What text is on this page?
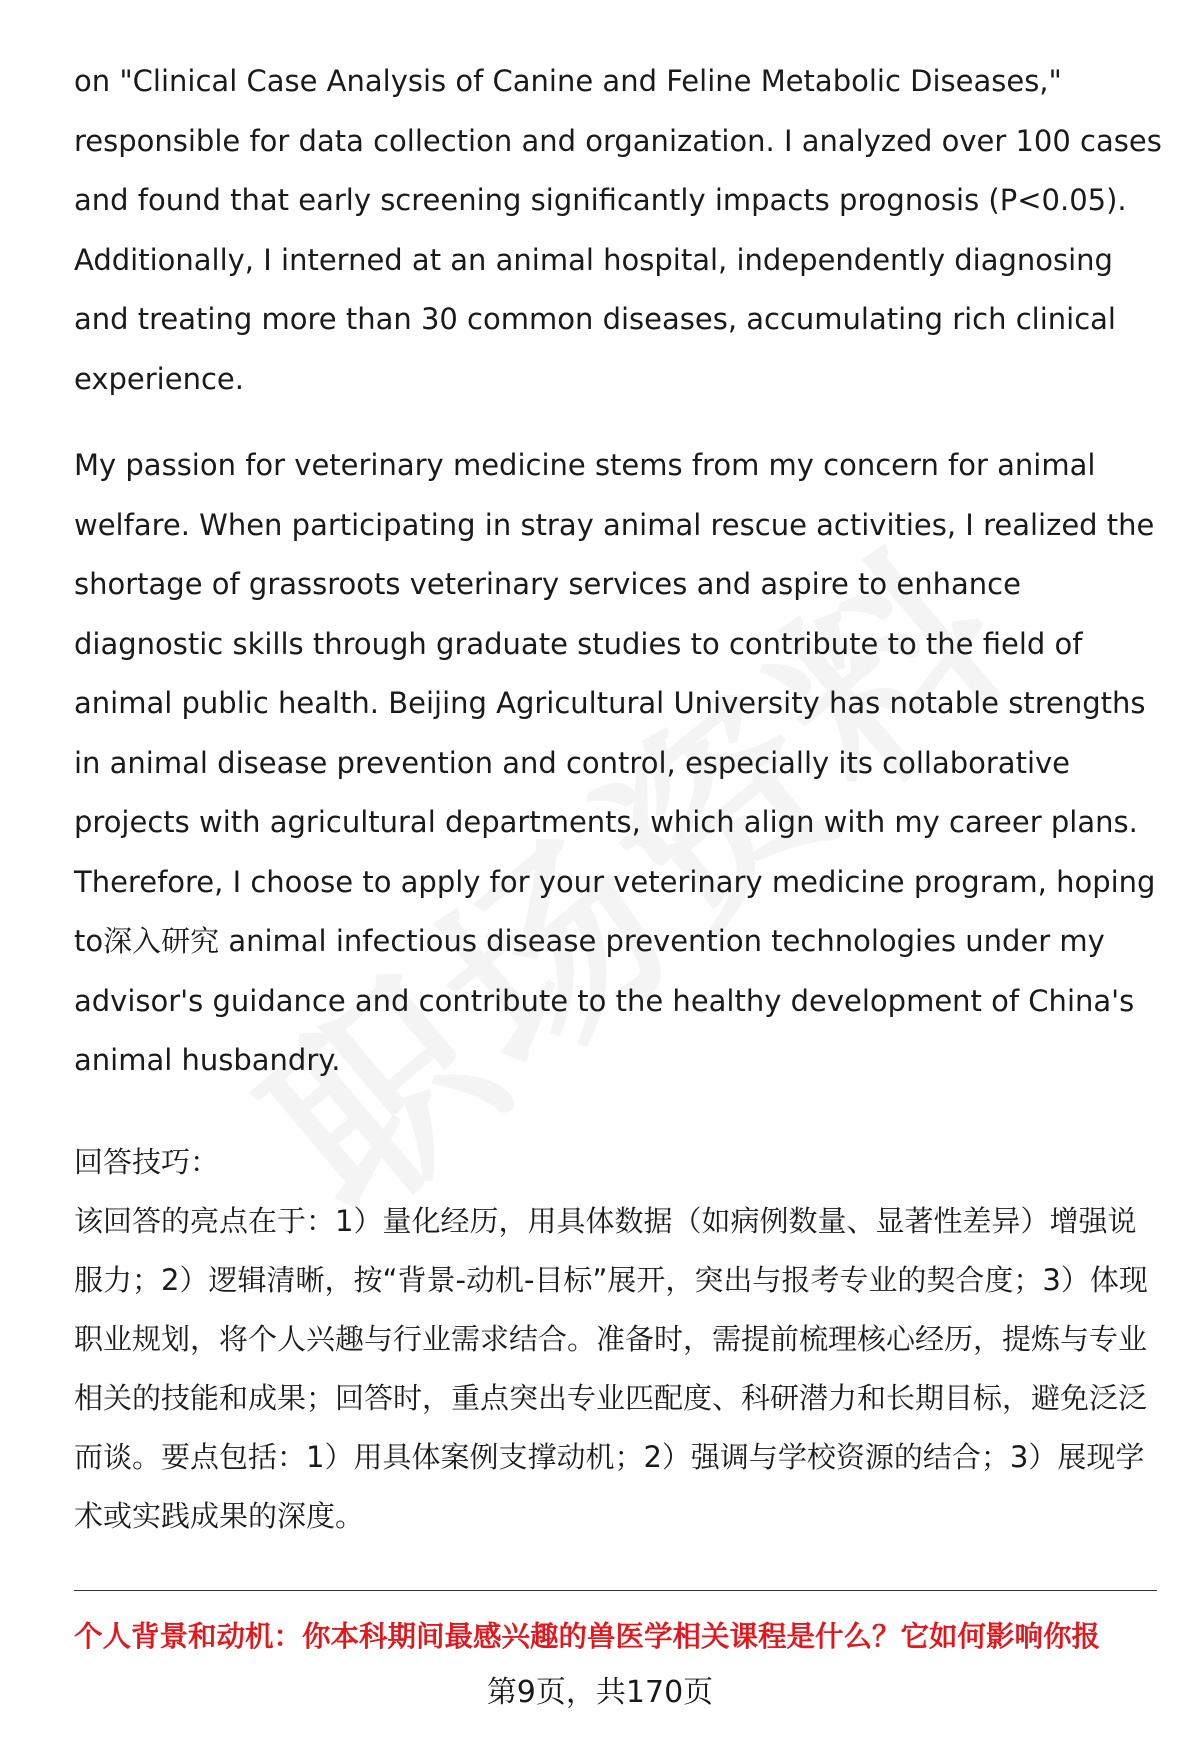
on "Clinical Case Analysis of Canine and Feline Metabolic Diseases," responsible for data collection and organization. I analyzed over 100 cases and found that early screening significantly impacts prognosis (P<0.05). Additionally, I interned at an animal hospital, independently diagnosing and treating more than 30 common diseases, accumulating rich clinical experience.

My passion for veterinary medicine stems from my concern for animal welfare. When participating in stray animal rescue activities, I realized the shortage of grassroots veterinary services and aspire to enhance diagnostic skills through graduate studies to contribute to the field of animal public health. Beijing Agricultural University has notable strengths in animal disease prevention and control, especially its collaborative projects with agricultural departments, which align with my career plans. Therefore, I choose to apply for your veterinary medicine program, hoping to深入研究 animal infectious disease prevention technologies under my advisor's guidance and contribute to the healthy development of China's animal husbandry.

回答技巧：

该回答的亮点在于：1）量化经历，用具体数据（如病例数量、显著性差异）增强说服力；2）逻辑清晰，按“背景-动机-目标”展开，突出与报考专业的契合度；3）体现职业规划，将个人兴趣与行业需求结合。准备时，需提前梳理核心经历，提炼与专业相关的技能和成果；回答时，重点突出专业匹配度、科研潜力和长期目标，避免泛泛而谈。要点包括：1）用具体案例支撑动机；2）强调与学校资源的结合；3）展现学术或实践成果的深度。

个人背景和动机：你本科期间最感兴趣的兽医学相关课程是什么？它如何影响你报
第9页，共170页
